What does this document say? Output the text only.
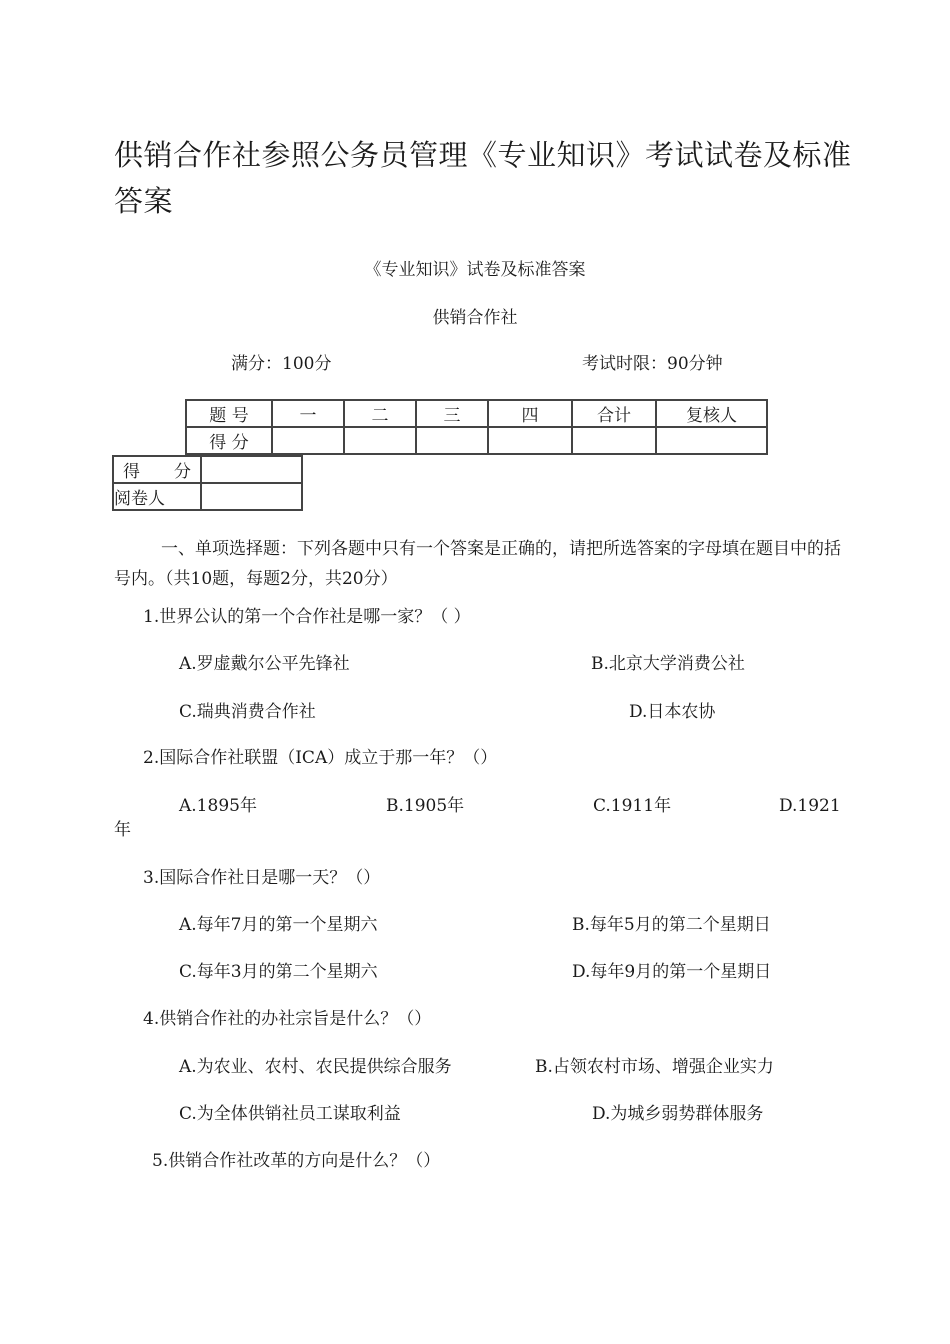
供销合作社参照公务员管理《专业知识》考试试卷及标准答案
《专业知识》试卷及标准答案
供销合作社
满分：100分	考试时限：90分钟
题 号	一	二	三	四	合计	复核人
得 分						
得　　分	
阅卷人	
一、单项选择题：下列各题中只有一个答案是正确的，请把所选答案的字母填在题目中的括号内。（共10题，每题2分，共20分）
1.世界公认的第一个合作社是哪一家？（ ）
A.罗虚戴尔公平先锋社	B.北京大学消费公社
C.瑞典消费合作社	D.日本农协
2.国际合作社联盟（ICA）成立于那一年？（）
A.1895年	B.1905年	C.1911年	D.1921
年
3.国际合作社日是哪一天？（）
A.每年7月的第一个星期六	B.每年5月的第二个星期日
C.每年3月的第二个星期六	D.每年9月的第一个星期日
4.供销合作社的办社宗旨是什么？（）
A.为农业、农村、农民提供综合服务	B.占领农村市场、增强企业实力
C.为全体供销社员工谋取利益	D.为城乡弱势群体服务
5.供销合作社改革的方向是什么？（）
